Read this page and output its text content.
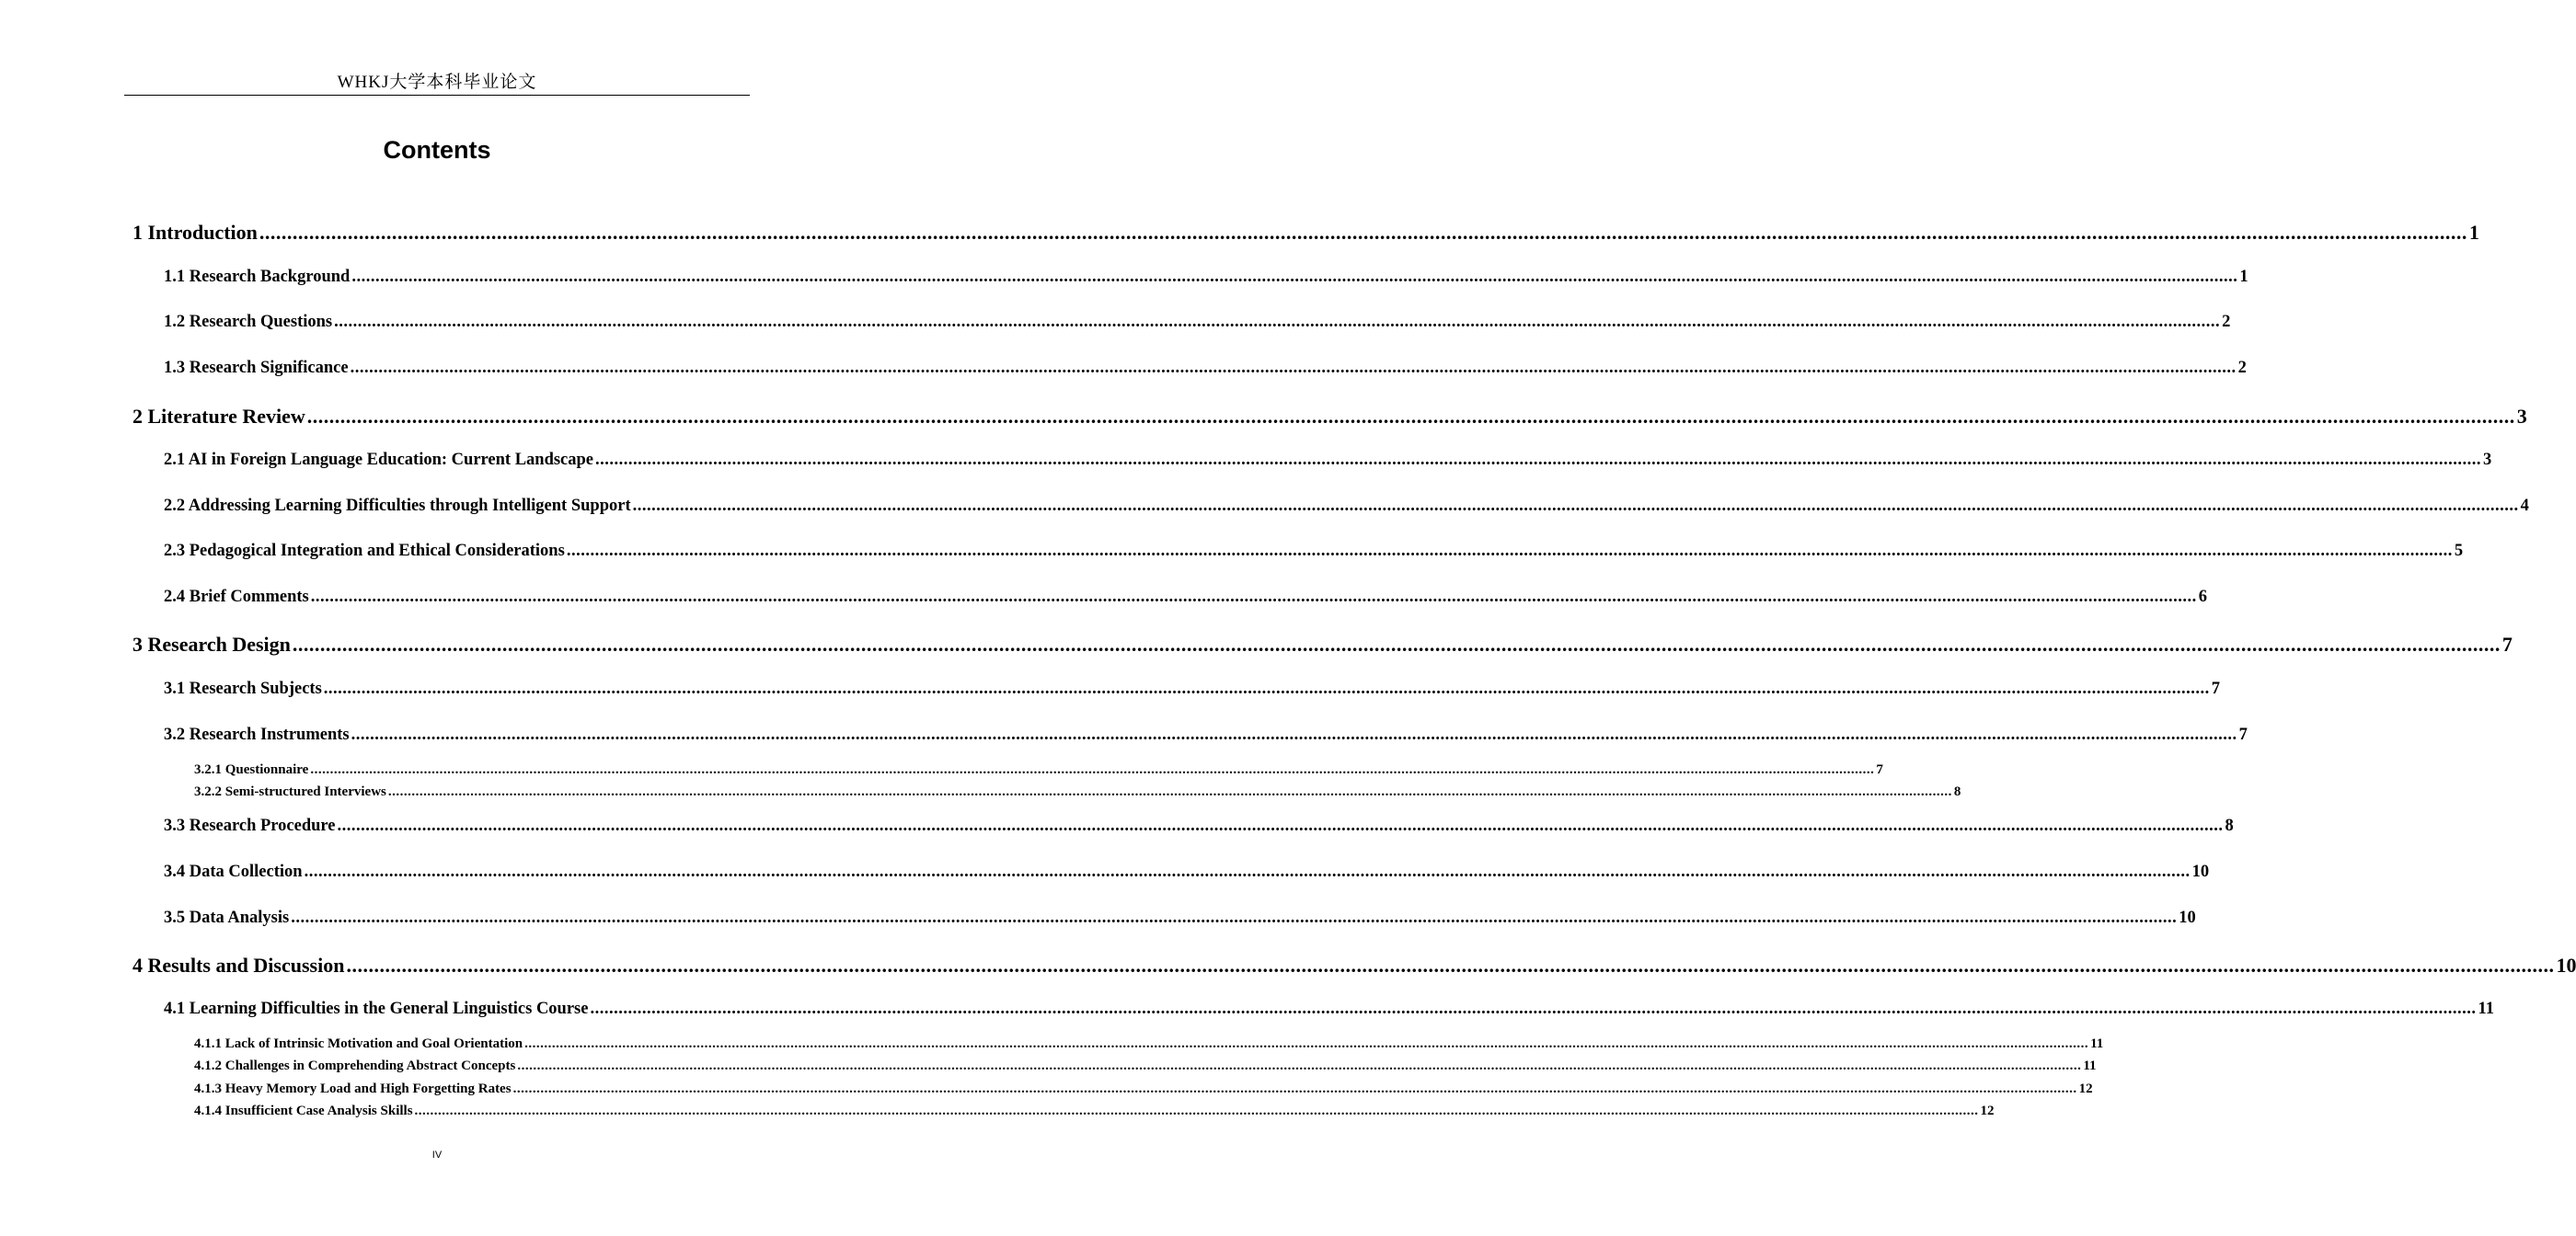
WHKJ大学本科毕业论文
Contents
1 Introduction ................................................................................................................................................................................................................................................................................................................................................................................................................ 1
1.1 Research Background ................................................................................................................................................................................................................................................................................................................................................................................................................ 1
1.2 Research Questions ................................................................................................................................................................................................................................................................................................................................................................................................................ 2
1.3 Research Significance ................................................................................................................................................................................................................................................................................................................................................................................................................ 2
2 Literature Review ................................................................................................................................................................................................................................................................................................................................................................................................................ 3
2.1 AI in Foreign Language Education: Current Landscape ................................................................................................................................................................................................................................................................................................................................................................................................................ 3
2.2 Addressing Learning Difficulties through Intelligent Support ................................................................................................................................................................................................................................................................................................................................................................................................................ 4
2.3 Pedagogical Integration and Ethical Considerations ................................................................................................................................................................................................................................................................................................................................................................................................................ 5
2.4 Brief Comments ................................................................................................................................................................................................................................................................................................................................................................................................................ 6
3 Research Design ................................................................................................................................................................................................................................................................................................................................................................................................................ 7
3.1 Research Subjects ................................................................................................................................................................................................................................................................................................................................................................................................................ 7
3.2 Research Instruments ................................................................................................................................................................................................................................................................................................................................................................................................................ 7
3.2.1 Questionnaire ................................................................................................................................................................................................................................................................................................................................................................................................................ 7
3.2.2 Semi-structured Interviews ................................................................................................................................................................................................................................................................................................................................................................................................................ 8
3.3 Research Procedure ................................................................................................................................................................................................................................................................................................................................................................................................................ 8
3.4 Data Collection ................................................................................................................................................................................................................................................................................................................................................................................................................ 10
3.5 Data Analysis ................................................................................................................................................................................................................................................................................................................................................................................................................ 10
4 Results and Discussion ................................................................................................................................................................................................................................................................................................................................................................................................................ 10
4.1 Learning Difficulties in the General Linguistics Course ................................................................................................................................................................................................................................................................................................................................................................................................................ 11
4.1.1 Lack of Intrinsic Motivation and Goal Orientation ................................................................................................................................................................................................................................................................................................................................................................................................................ 11
4.1.2 Challenges in Comprehending Abstract Concepts ................................................................................................................................................................................................................................................................................................................................................................................................................ 11
4.1.3 Heavy Memory Load and High Forgetting Rates ................................................................................................................................................................................................................................................................................................................................................................................................................ 12
4.1.4 Insufficient Case Analysis Skills ................................................................................................................................................................................................................................................................................................................................................................................................................ 12
IV
